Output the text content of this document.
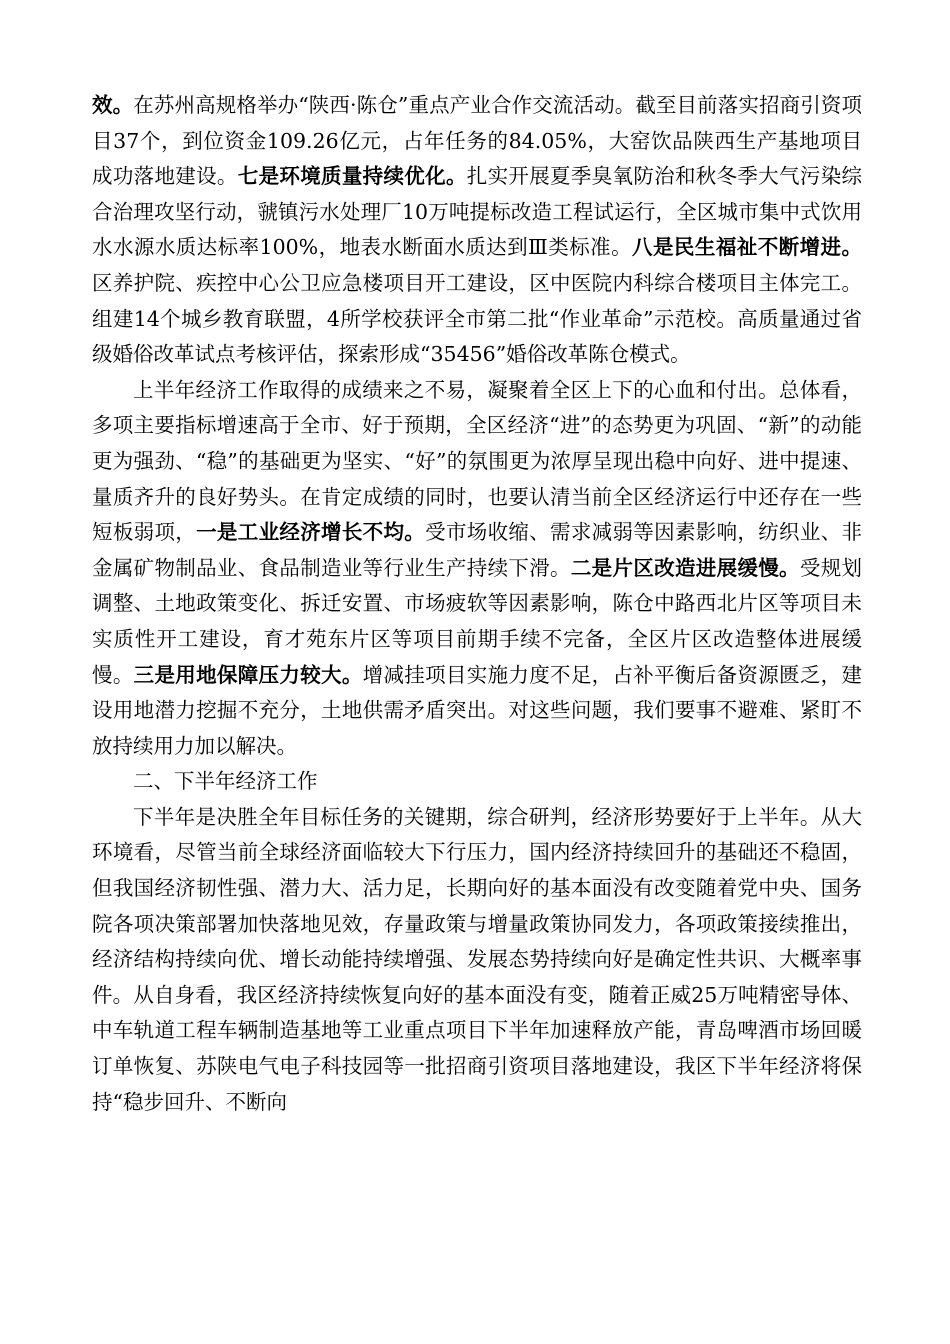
效。在苏州高规格举办“陕西·陈仓”重点产业合作交流活动。截至目前落实招商引资项目37个，到位资金109.26亿元，占年任务的84.05%，大窑饮品陕西生产基地项目成功落地建设。七是环境质量持续优化。扎实开展夏季臭氧防治和秋冬季大气污染综合治理攻坚行动，虢镇污水处理厂10万吨提标改造工程试运行，全区城市集中式饮用水水源水质达标率100%，地表水断面水质达到Ⅲ类标准。八是民生福祉不断增进。区养护院、疾控中心公卫应急楼项目开工建设，区中医院内科综合楼项目主体完工。组建14个城乡教育联盟，4所学校获评全市第二批“作业革命”示范校。高质量通过省级婚俗改革试点考核评估，探索形成“35456”婚俗改革陈仓模式。

上半年经济工作取得的成绩来之不易，凝聚着全区上下的心血和付出。总体看，多项主要指标增速高于全市、好于预期，全区经济“进”的态势更为巩固、“新”的动能更为强劲、“稳”的基础更为坚实、“好”的氛围更为浓厚呈现出稳中向好、进中提速、量质齐升的良好势头。在肯定成绩的同时，也要认清当前全区经济运行中还存在一些短板弱项，一是工业经济增长不均。受市场收缩、需求减弱等因素影响，纺织业、非金属矿物制品业、食品制造业等行业生产持续下滑。二是片区改造进展缓慢。受规划调整、土地政策变化、拆迁安置、市场疲软等因素影响，陈仓中路西北片区等项目未实质性开工建设，育才苑东片区等项目前期手续不完备，全区片区改造整体进展缓慢。三是用地保障压力较大。增减挂项目实施力度不足，占补平衡后备资源匮乏，建设用地潜力挖掘不充分，土地供需矛盾突出。对这些问题，我们要事不避难、紧盯不放持续用力加以解决。

二、下半年经济工作

下半年是决胜全年目标任务的关键期，综合研判，经济形势要好于上半年。从大环境看，尽管当前全球经济面临较大下行压力，国内经济持续回升的基础还不稳固，但我国经济韧性强、潜力大、活力足，长期向好的基本面没有改变随着党中央、国务院各项决策部署加快落地见效，存量政策与增量政策协同发力，各项政策接续推出，经济结构持续向优、增长动能持续增强、发展态势持续向好是确定性共识、大概率事件。从自身看，我区经济持续恢复向好的基本面没有变，随着正威25万吨精密导体、中车轨道工程车辆制造基地等工业重点项目下半年加速释放产能，青岛啤酒市场回暖订单恢复、苏陕电气电子科技园等一批招商引资项目落地建设，我区下半年经济将保持“稳步回升、不断向
